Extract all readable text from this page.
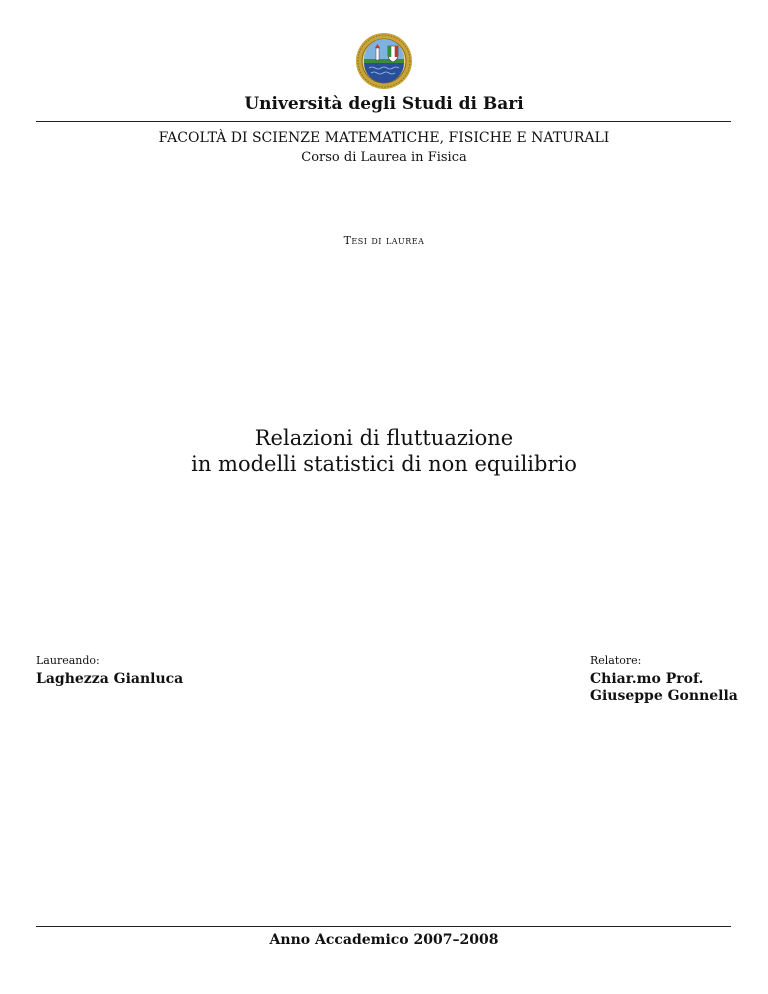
Università degli Studi di Bari
FACOLTÀ DI SCIENZE MATEMATICHE, FISICHE E NATURALI
Corso di Laurea in Fisica
Tesi di laurea
Relazioni di fluttuazione
in modelli statistici di non equilibrio
Laureando:
Laghezza Gianluca
Relatore:
Chiar.mo Prof.
Giuseppe Gonnella
Anno Accademico 2007–2008
